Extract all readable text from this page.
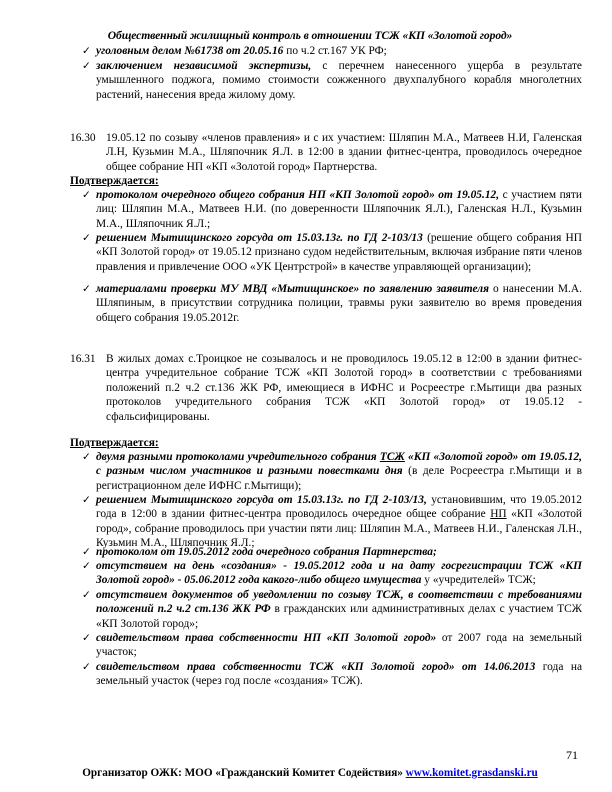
Общественный жилищный контроль в отношении ТСЖ «КП «Золотой город»
✓ уголовным делом №61738 от 20.05.16 по ч.2 ст.167 УК РФ;
✓ заключением независимой экспертизы, с перечнем нанесенного ущерба в результате умышленного поджога, помимо стоимости сожженного двухпалубного корабля многолетних растений, нанесения вреда жилому дому.
16.30 19.05.12 по созыву «членов правления» и с их участием: Шляпин М.А., Матвеев Н.И, Галенская Л.Н, Кузьмин М.А., Шляпочник Я.Л. в 12:00 в здании фитнес-центра, проводилось очередное общее собрание НП «КП «Золотой город» Партнерства.
Подтверждается:
✓ протоколом очередного общего собрания НП «КП Золотой город» от 19.05.12, с участием пяти лиц: Шляпин М.А., Матвеев Н.И. (по доверенности Шляпочник Я.Л.), Галенская Н.Л., Кузьмин М.А., Шляпочник Я.Л.;
✓ решением Мытищинского горсуда от 15.03.13г. по ГД 2-103/13 (решение общего собрания НП «КП Золотой город» от 19.05.12 признано судом недействительным, включая избрание пяти членов правления и привлечение ООО «УК Центрстрой» в качестве управляющей организации);
✓ материалами проверки МУ МВД «Мытищинское» по заявлению заявителя о нанесении М.А. Шляпиным, в присутствии сотрудника полиции, травмы руки заявителю во время проведения общего собрания 19.05.2012г.
16.31 В жилых домах с.Троицкое не созывалось и не проводилось 19.05.12 в 12:00 в здании фитнес-центра учредительное собрание ТСЖ «КП Золотой город» в соответствии с требованиями положений п.2 ч.2 ст.136 ЖК РФ, имеющиеся в ИФНС и Росреестре г.Мытищи два разных протоколов учредительного собрания ТСЖ «КП Золотой город» от 19.05.12 - сфальсифицированы.
Подтверждается:
✓ двумя разными протоколами учредительного собрания ТСЖ «КП «Золотой город» от 19.05.12, с разным числом участников и разными повестками дня (в деле Росреестра г.Мытищи и в регистрационном деле ИФНС г.Мытищи);
✓ решением Мытищинского горсуда от 15.03.13г. по ГД 2-103/13, установившим, что 19.05.2012 года в 12:00 в здании фитнес-центра проводилось очередное общее собрание НП «КП «Золотой город», собрание проводилось при участии пяти лиц: Шляпин М.А., Матвеев Н.И., Галенская Л.Н., Кузьмин М.А., Шляпочник Я.Л.;
✓ протоколом от 19.05.2012 года очередного собрания Партнерства;
✓ отсутствием на день «создания» - 19.05.2012 года и на дату госрегистрации ТСЖ «КП Золотой город» - 05.06.2012 года какого-либо общего имущества у «учредителей» ТСЖ;
✓ отсутствием документов об уведомлении по созыву ТСЖ, в соответствии с требованиями положений п.2 ч.2 ст.136 ЖК РФ в гражданских или административных делах с участием ТСЖ «КП Золотой город»;
✓ свидетельством права собственности НП «КП Золотой город» от 2007 года на земельный участок;
✓ свидетельством права собственности ТСЖ «КП Золотой город» от 14.06.2013 года на земельный участок (через год после «создания» ТСЖ).
71
Организатор ОЖК: МОО «Гражданский Комитет Содействия» www.komitet.grasdanski.ru
